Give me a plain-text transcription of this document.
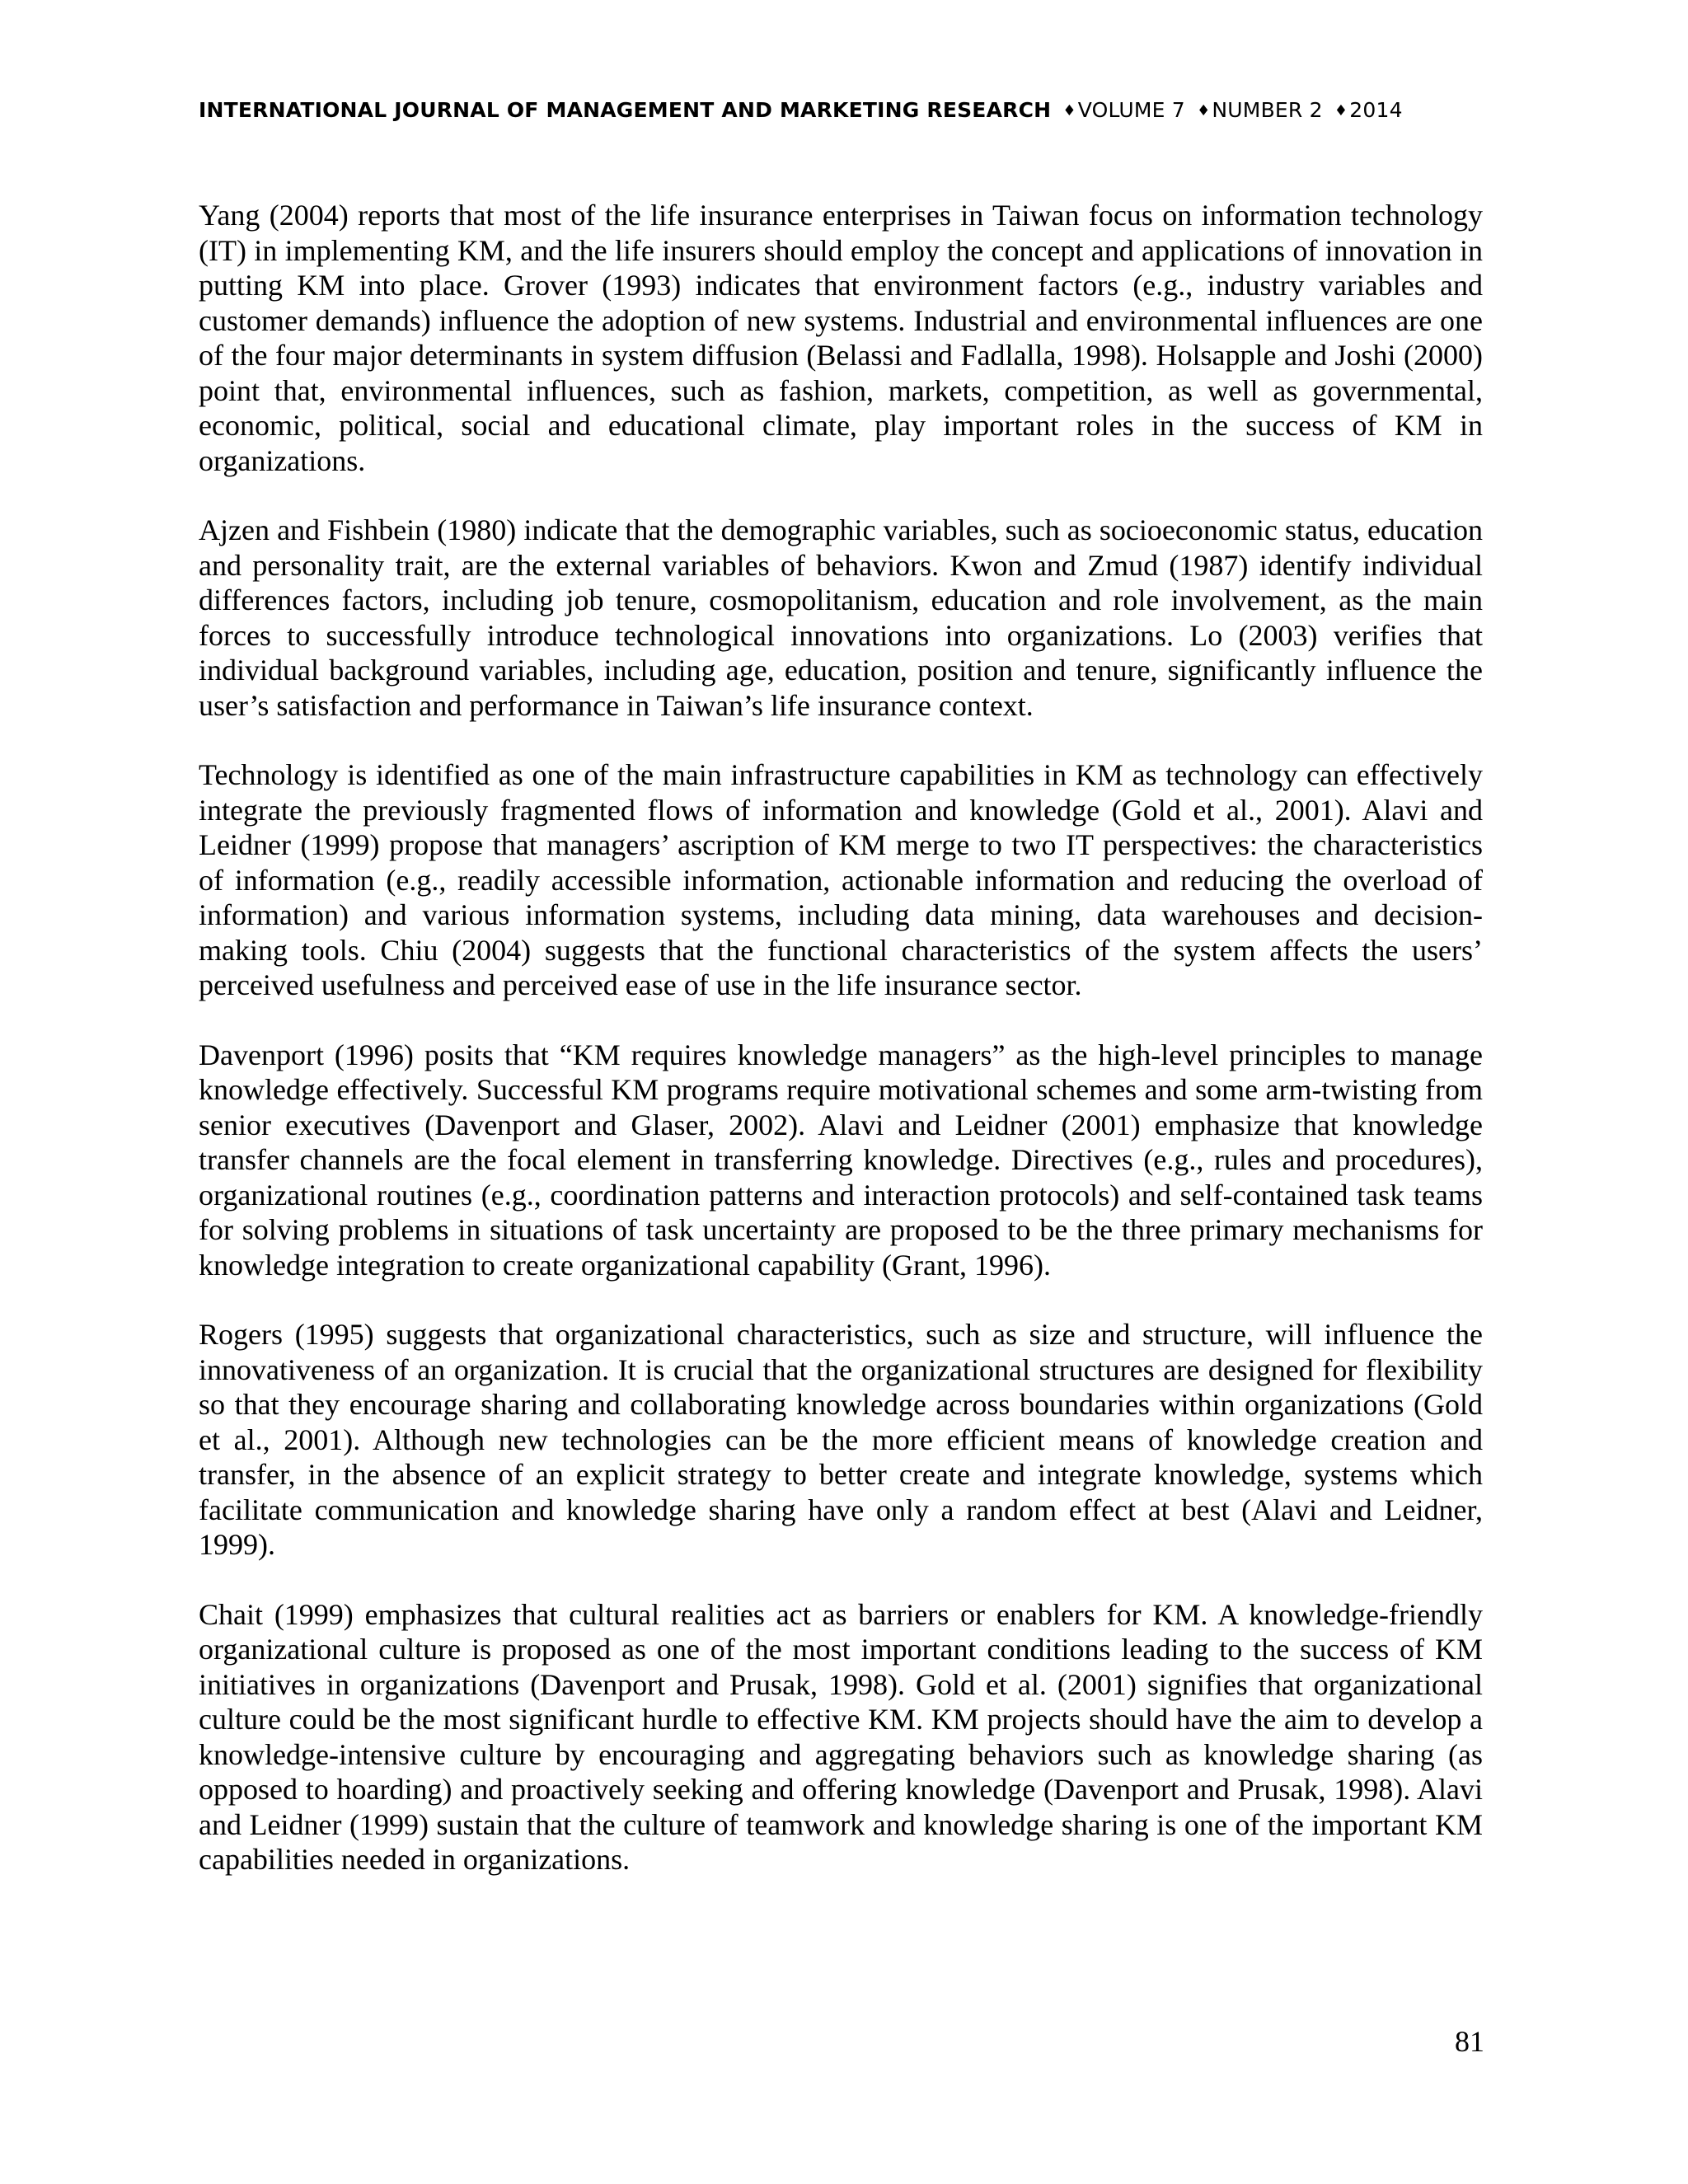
INTERNATIONAL JOURNAL OF MANAGEMENT AND MARKETING RESEARCH ♦VOLUME 7 ♦NUMBER 2 ♦2014

Yang (2004) reports that most of the life insurance enterprises in Taiwan focus on information technology (IT) in implementing KM, and the life insurers should employ the concept and applications of innovation in putting KM into place. Grover (1993) indicates that environment factors (e.g., industry variables and customer demands) influence the adoption of new systems. Industrial and environmental influences are one of the four major determinants in system diffusion (Belassi and Fadlalla, 1998). Holsapple and Joshi (2000) point that, environmental influences, such as fashion, markets, competition, as well as governmental, economic, political, social and educational climate, play important roles in the success of KM in organizations.

Ajzen and Fishbein (1980) indicate that the demographic variables, such as socioeconomic status, education and personality trait, are the external variables of behaviors. Kwon and Zmud (1987) identify individual differences factors, including job tenure, cosmopolitanism, education and role involvement, as the main forces to successfully introduce technological innovations into organizations. Lo (2003) verifies that individual background variables, including age, education, position and tenure, significantly influence the user’s satisfaction and performance in Taiwan’s life insurance context.

Technology is identified as one of the main infrastructure capabilities in KM as technology can effectively integrate the previously fragmented flows of information and knowledge (Gold et al., 2001). Alavi and Leidner (1999) propose that managers’ ascription of KM merge to two IT perspectives: the characteristics of information (e.g., readily accessible information, actionable information and reducing the overload of information) and various information systems, including data mining, data warehouses and decision-making tools. Chiu (2004) suggests that the functional characteristics of the system affects the users’ perceived usefulness and perceived ease of use in the life insurance sector.

Davenport (1996) posits that “KM requires knowledge managers” as the high-level principles to manage knowledge effectively. Successful KM programs require motivational schemes and some arm-twisting from senior executives (Davenport and Glaser, 2002). Alavi and Leidner (2001) emphasize that knowledge transfer channels are the focal element in transferring knowledge. Directives (e.g., rules and procedures), organizational routines (e.g., coordination patterns and interaction protocols) and self-contained task teams for solving problems in situations of task uncertainty are proposed to be the three primary mechanisms for knowledge integration to create organizational capability (Grant, 1996).

Rogers (1995) suggests that organizational characteristics, such as size and structure, will influence the innovativeness of an organization. It is crucial that the organizational structures are designed for flexibility so that they encourage sharing and collaborating knowledge across boundaries within organizations (Gold et al., 2001). Although new technologies can be the more efficient means of knowledge creation and transfer, in the absence of an explicit strategy to better create and integrate knowledge, systems which facilitate communication and knowledge sharing have only a random effect at best (Alavi and Leidner, 1999).

Chait (1999) emphasizes that cultural realities act as barriers or enablers for KM. A knowledge-friendly organizational culture is proposed as one of the most important conditions leading to the success of KM initiatives in organizations (Davenport and Prusak, 1998). Gold et al. (2001) signifies that organizational culture could be the most significant hurdle to effective KM. KM projects should have the aim to develop a knowledge-intensive culture by encouraging and aggregating behaviors such as knowledge sharing (as opposed to hoarding) and proactively seeking and offering knowledge (Davenport and Prusak, 1998). Alavi and Leidner (1999) sustain that the culture of teamwork and knowledge sharing is one of the important KM capabilities needed in organizations.

81
